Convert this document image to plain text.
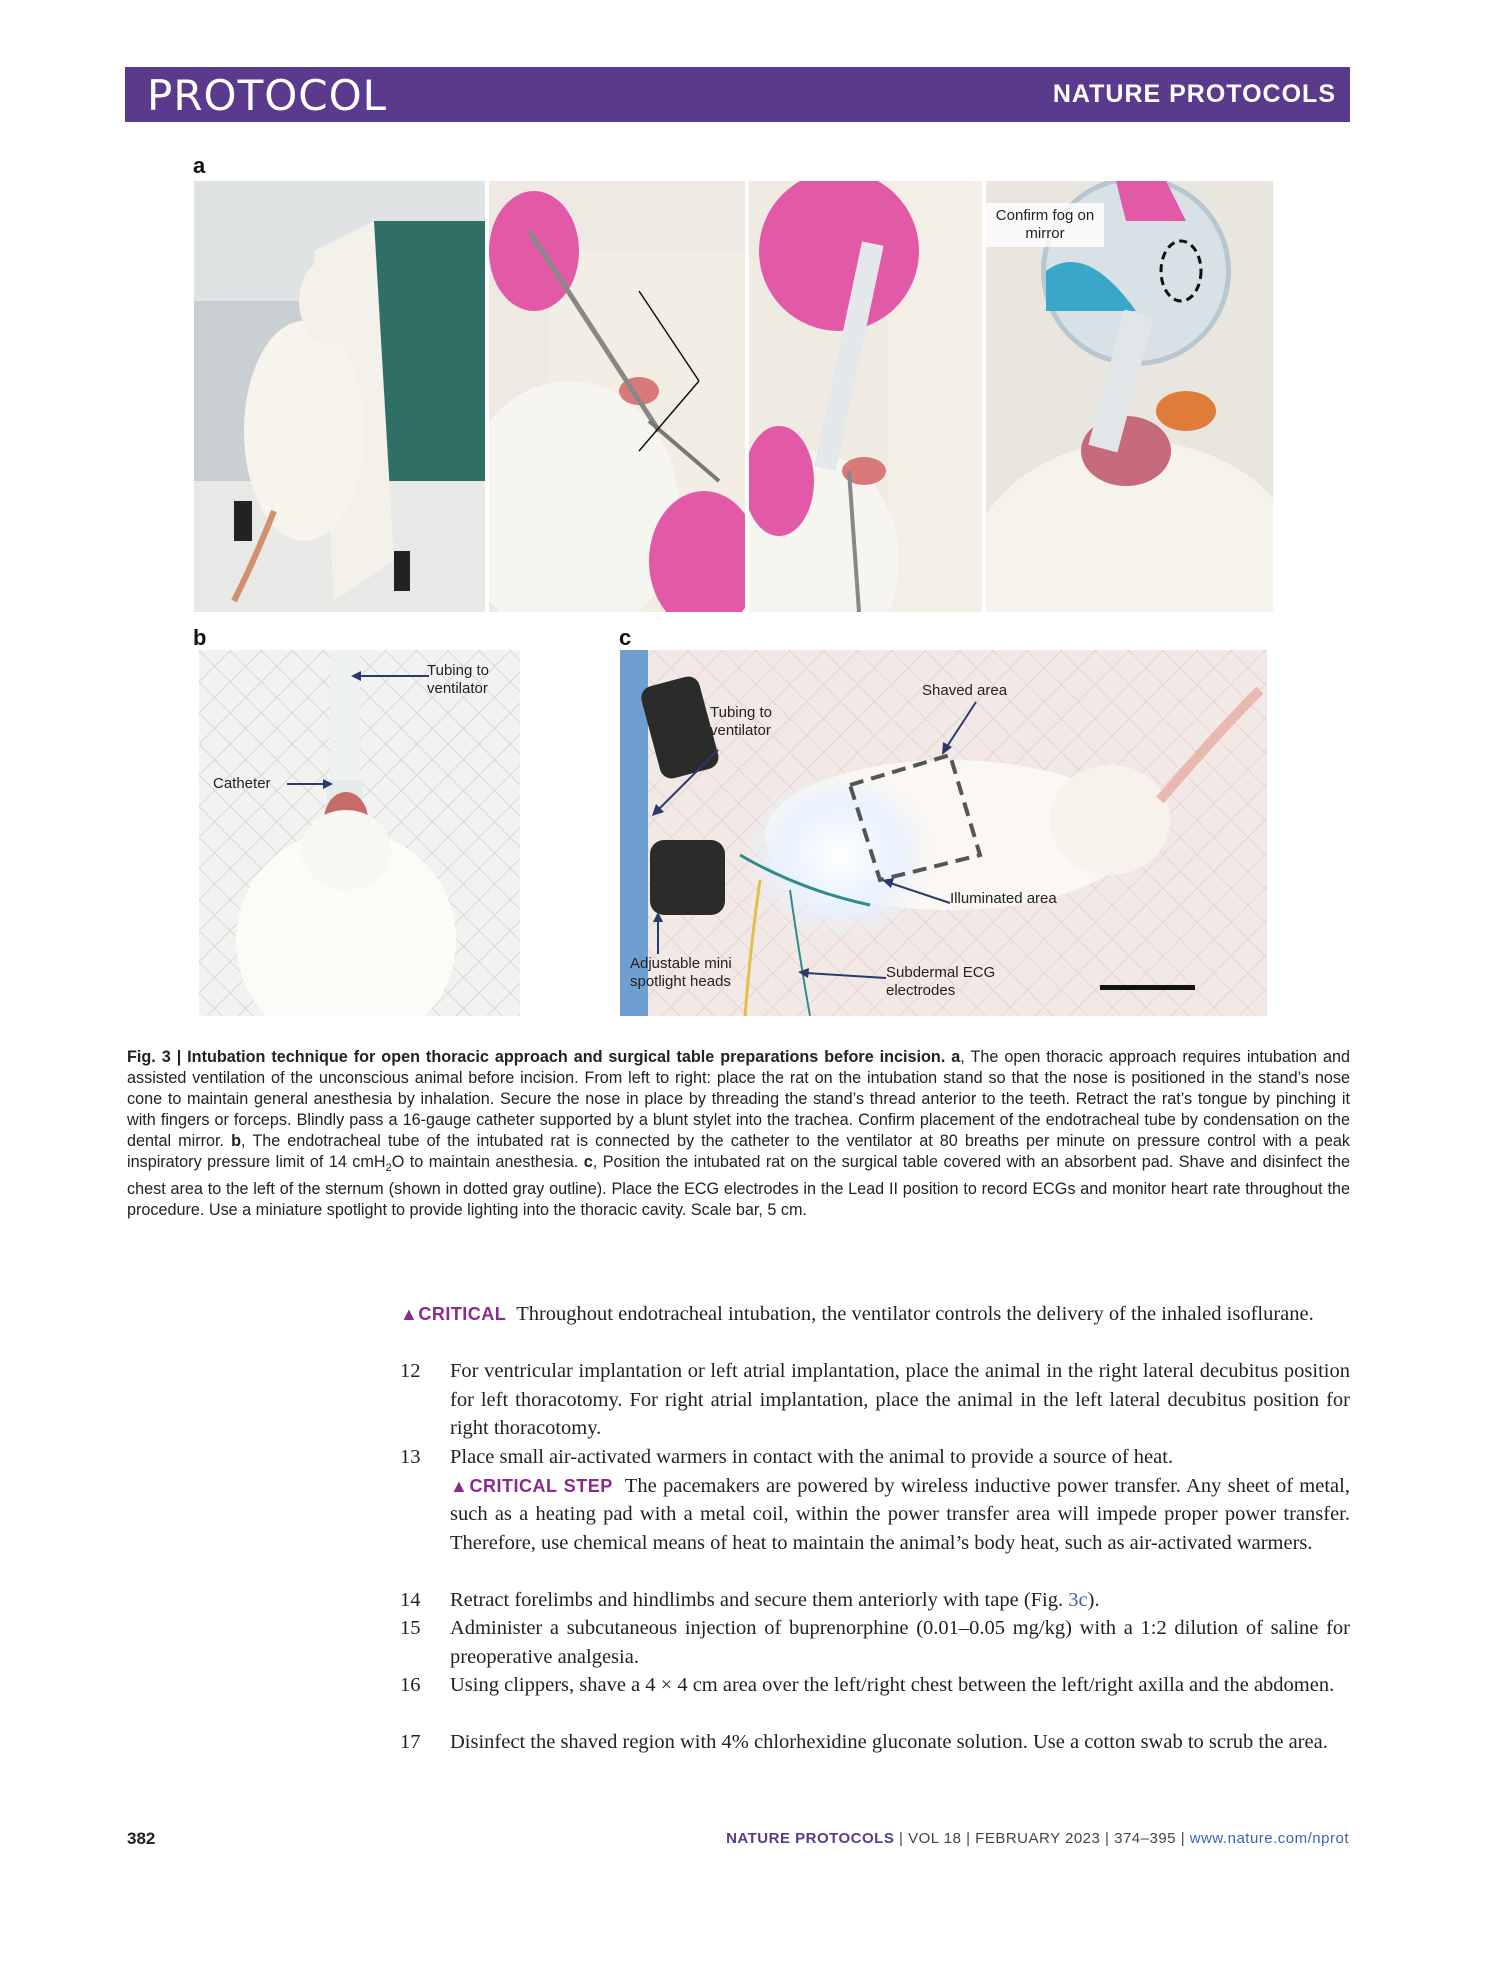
PROTOCOL	NATURE PROTOCOLS
a
Confirm fog on mirror
b
Tubing to ventilator
Catheter
c
Tubing to ventilator
Shaved area
Illuminated area
Adjustable mini spotlight heads
Subdermal ECG electrodes
Fig. 3 | Intubation technique for open thoracic approach and surgical table preparations before incision. a, The open thoracic approach requires intubation and assisted ventilation of the unconscious animal before incision. From left to right: place the rat on the intubation stand so that the nose is positioned in the stand’s nose cone to maintain general anesthesia by inhalation. Secure the nose in place by threading the stand’s thread anterior to the teeth. Retract the rat’s tongue by pinching it with fingers or forceps. Blindly pass a 16-gauge catheter supported by a blunt stylet into the trachea. Confirm placement of the endotracheal tube by condensation on the dental mirror. b, The endotracheal tube of the intubated rat is connected by the catheter to the ventilator at 80 breaths per minute on pressure control with a peak inspiratory pressure limit of 14 cmH$_2$O to maintain anesthesia. c, Position the intubated rat on the surgical table covered with an absorbent pad. Shave and disinfect the chest area to the left of the sternum (shown in dotted gray outline). Place the ECG electrodes in the Lead II position to record ECGs and monitor heart rate throughout the procedure. Use a miniature spotlight to provide lighting into the thoracic cavity. Scale bar, 5 cm.
▲CRITICAL Throughout endotracheal intubation, the ventilator controls the delivery of the inhaled isoflurane.
12 For ventricular implantation or left atrial implantation, place the animal in the right lateral decubitus position for left thoracotomy. For right atrial implantation, place the animal in the left lateral decubitus position for right thoracotomy.
13 Place small air-activated warmers in contact with the animal to provide a source of heat.
▲CRITICAL STEP The pacemakers are powered by wireless inductive power transfer. Any sheet of metal, such as a heating pad with a metal coil, within the power transfer area will impede proper power transfer. Therefore, use chemical means of heat to maintain the animal’s body heat, such as air-activated warmers.
14 Retract forelimbs and hindlimbs and secure them anteriorly with tape (Fig. 3c).
15 Administer a subcutaneous injection of buprenorphine (0.01–0.05 mg/kg) with a 1:2 dilution of saline for preoperative analgesia.
16 Using clippers, shave a 4 × 4 cm area over the left/right chest between the left/right axilla and the abdomen.
17 Disinfect the shaved region with 4% chlorhexidine gluconate solution. Use a cotton swab to scrub the area.
382	NATURE PROTOCOLS | VOL 18 | FEBRUARY 2023 | 374–395 | www.nature.com/nprot
